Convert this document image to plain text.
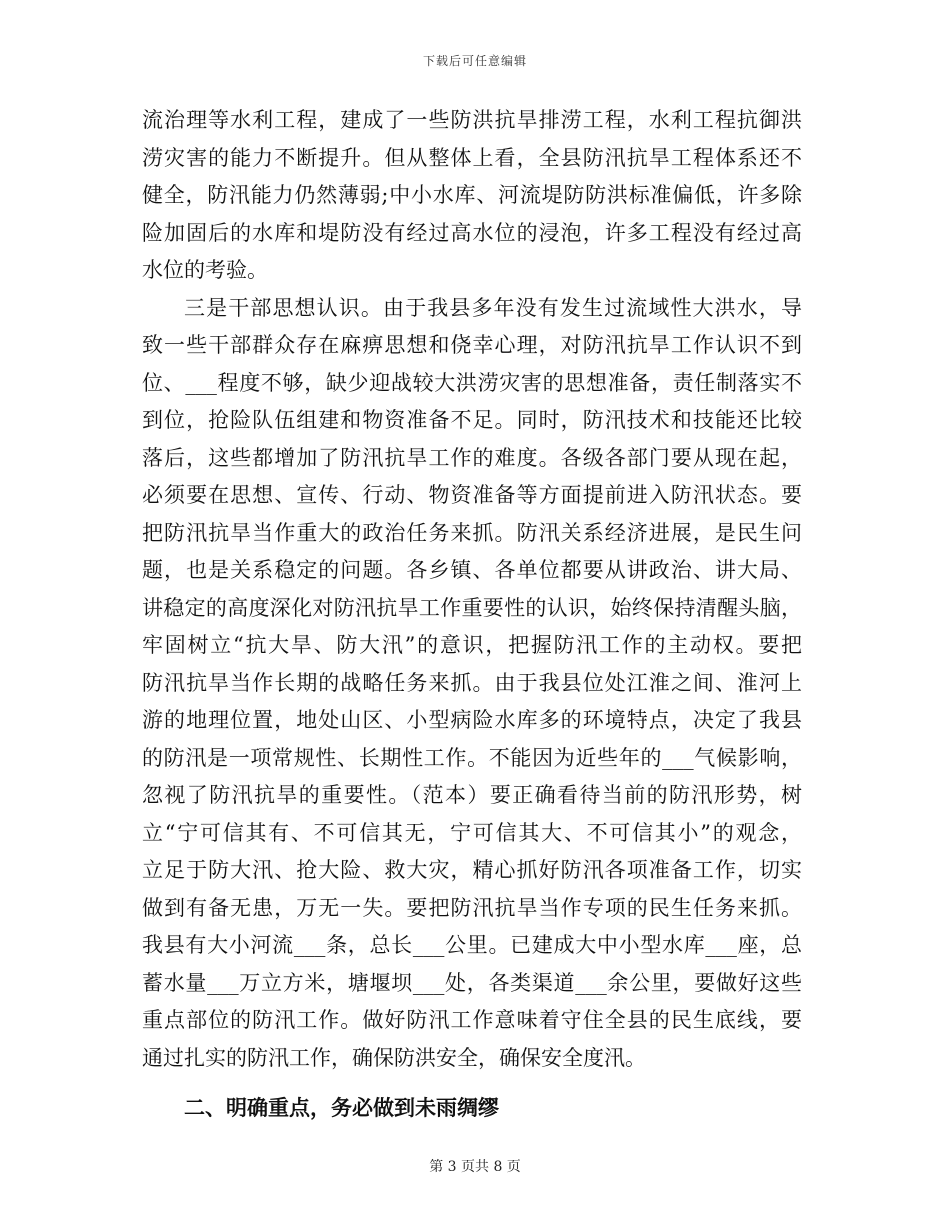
下载后可任意编辑
流治理等水利工程，建成了一些防洪抗旱排涝工程，水利工程抗御洪
涝灾害的能力不断提升。但从整体上看，全县防汛抗旱工程体系还不
健全，防汛能力仍然薄弱;中小水库、河流堤防防洪标准偏低，许多除
险加固后的水库和堤防没有经过高水位的浸泡，许多工程没有经过高
水位的考验。
三是干部思想认识。由于我县多年没有发生过流域性大洪水，导
致一些干部群众存在麻痹思想和侥幸心理，对防汛抗旱工作认识不到
位、___程度不够，缺少迎战较大洪涝灾害的思想准备，责任制落实不
到位，抢险队伍组建和物资准备不足。同时，防汛技术和技能还比较
落后，这些都增加了防汛抗旱工作的难度。各级各部门要从现在起，
必须要在思想、宣传、行动、物资准备等方面提前进入防汛状态。要
把防汛抗旱当作重大的政治任务来抓。防汛关系经济进展，是民生问
题，也是关系稳定的问题。各乡镇、各单位都要从讲政治、讲大局、
讲稳定的高度深化对防汛抗旱工作重要性的认识，始终保持清醒头脑，
牢固树立“抗大旱、防大汛”的意识，把握防汛工作的主动权。要把
防汛抗旱当作长期的战略任务来抓。由于我县位处江淮之间、淮河上
游的地理位置，地处山区、小型病险水库多的环境特点，决定了我县
的防汛是一项常规性、长期性工作。不能因为近些年的___气候影响，
忽视了防汛抗旱的重要性。（范本）要正确看待当前的防汛形势，树
立“宁可信其有、不可信其无，宁可信其大、不可信其小”的观念，
立足于防大汛、抢大险、救大灾，精心抓好防汛各项准备工作，切实
做到有备无患，万无一失。要把防汛抗旱当作专项的民生任务来抓。
我县有大小河流___条，总长___公里。已建成大中小型水库___座，总
蓄水量___万立方米，塘堰坝___处，各类渠道___余公里，要做好这些
重点部位的防汛工作。做好防汛工作意味着守住全县的民生底线，要
通过扎实的防汛工作，确保防洪安全，确保安全度汛。
二、明确重点，务必做到未雨绸缪
第 3 页共 8 页
